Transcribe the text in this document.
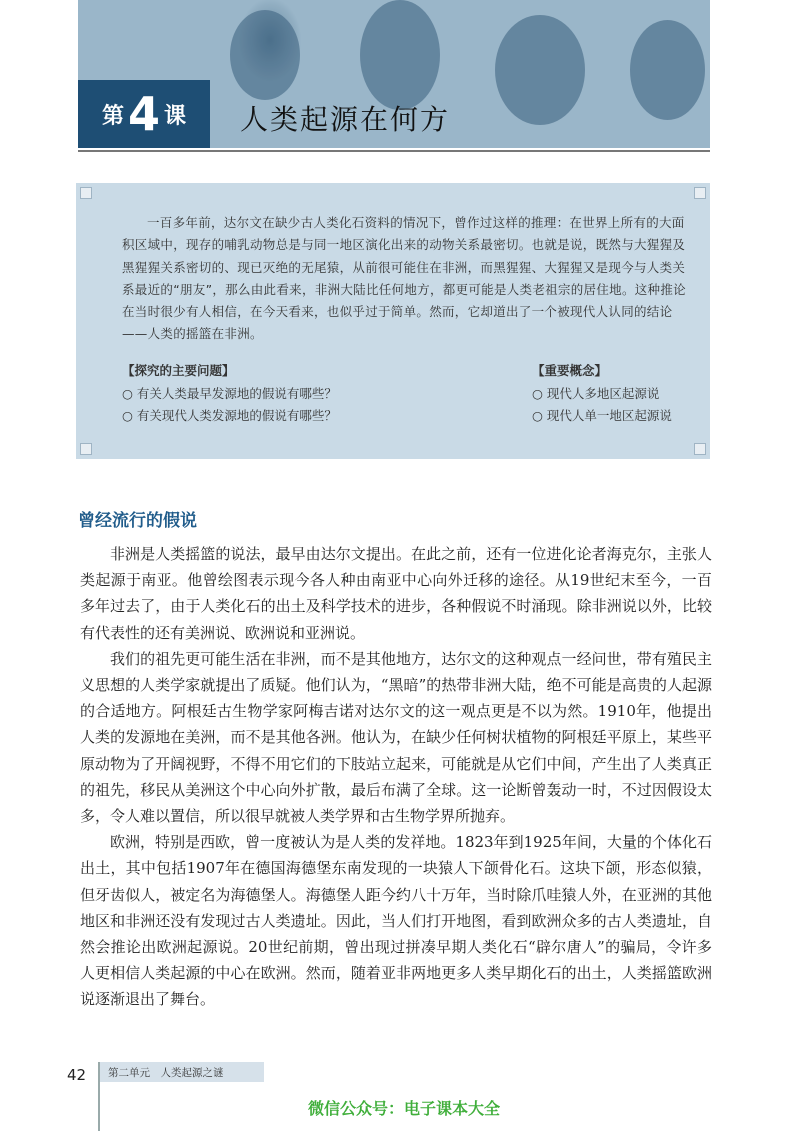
第 4 课 人类起源在何方
一百多年前，达尔文在缺少古人类化石资料的情况下，曾作过这样的推理：在世界上所有的大面积区域中，现存的哺乳动物总是与同一地区演化出来的动物关系最密切。也就是说，既然与大猩猩及黑猩猩关系密切的、现已灭绝的无尾猿，从前很可能住在非洲，而黑猩猩、大猩猩又是现今与人类关系最近的“朋友”，那么由此看来，非洲大陆比任何地方，都更可能是人类老祖宗的居住地。这种推论在当时很少有人相信，在今天看来，也似乎过于简单。然而，它却道出了一个被现代人认同的结论——人类的摇篮在非洲。
【探究的主要问题】
○ 有关人类最早发源地的假说有哪些？
○ 有关现代人类发源地的假说有哪些？
【重要概念】
○ 现代人多地区起源说
○ 现代人单一地区起源说
曾经流行的假说

非洲是人类摇篮的说法，最早由达尔文提出。在此之前，还有一位进化论者海克尔，主张人类起源于南亚。他曾绘图表示现今各人种由南亚中心向外迁移的途径。从19世纪末至今，一百多年过去了，由于人类化石的出土及科学技术的进步，各种假说不时涌现。除非洲说以外，比较有代表性的还有美洲说、欧洲说和亚洲说。

我们的祖先更可能生活在非洲，而不是其他地方，达尔文的这种观点一经问世，带有殖民主义思想的人类学家就提出了质疑。他们认为，“黑暗”的热带非洲大陆，绝不可能是高贵的人起源的合适地方。阿根廷古生物学家阿梅吉诺对达尔文的这一观点更是不以为然。1910年，他提出人类的发源地在美洲，而不是其他各洲。他认为，在缺少任何树状植物的阿根廷平原上，某些平原动物为了开阔视野，不得不用它们的下肢站立起来，可能就是从它们中间，产生出了人类真正的祖先，移民从美洲这个中心向外扩散，最后布满了全球。这一论断曾轰动一时，不过因假设太多，令人难以置信，所以很早就被人类学界和古生物学界所抛弃。

欧洲，特别是西欧，曾一度被认为是人类的发祥地。1823年到1925年间，大量的个体化石出土，其中包括1907年在德国海德堡东南发现的一块猿人下颌骨化石。这块下颌，形态似猿，但牙齿似人，被定名为海德堡人。海德堡人距今约八十万年，当时除爪哇猿人外，在亚洲的其他地区和非洲还没有发现过古人类遗址。因此，当人们打开地图，看到欧洲众多的古人类遗址，自然会推论出欧洲起源说。20世纪前期，曾出现过拼凑早期人类化石“辟尔唐人”的骗局，令许多人更相信人类起源的中心在欧洲。然而，随着亚非两地更多人类早期化石的出土，人类摇篮欧洲说逐渐退出了舞台。

42	第二单元　人类起源之谜
微信公众号：电子课本大全
